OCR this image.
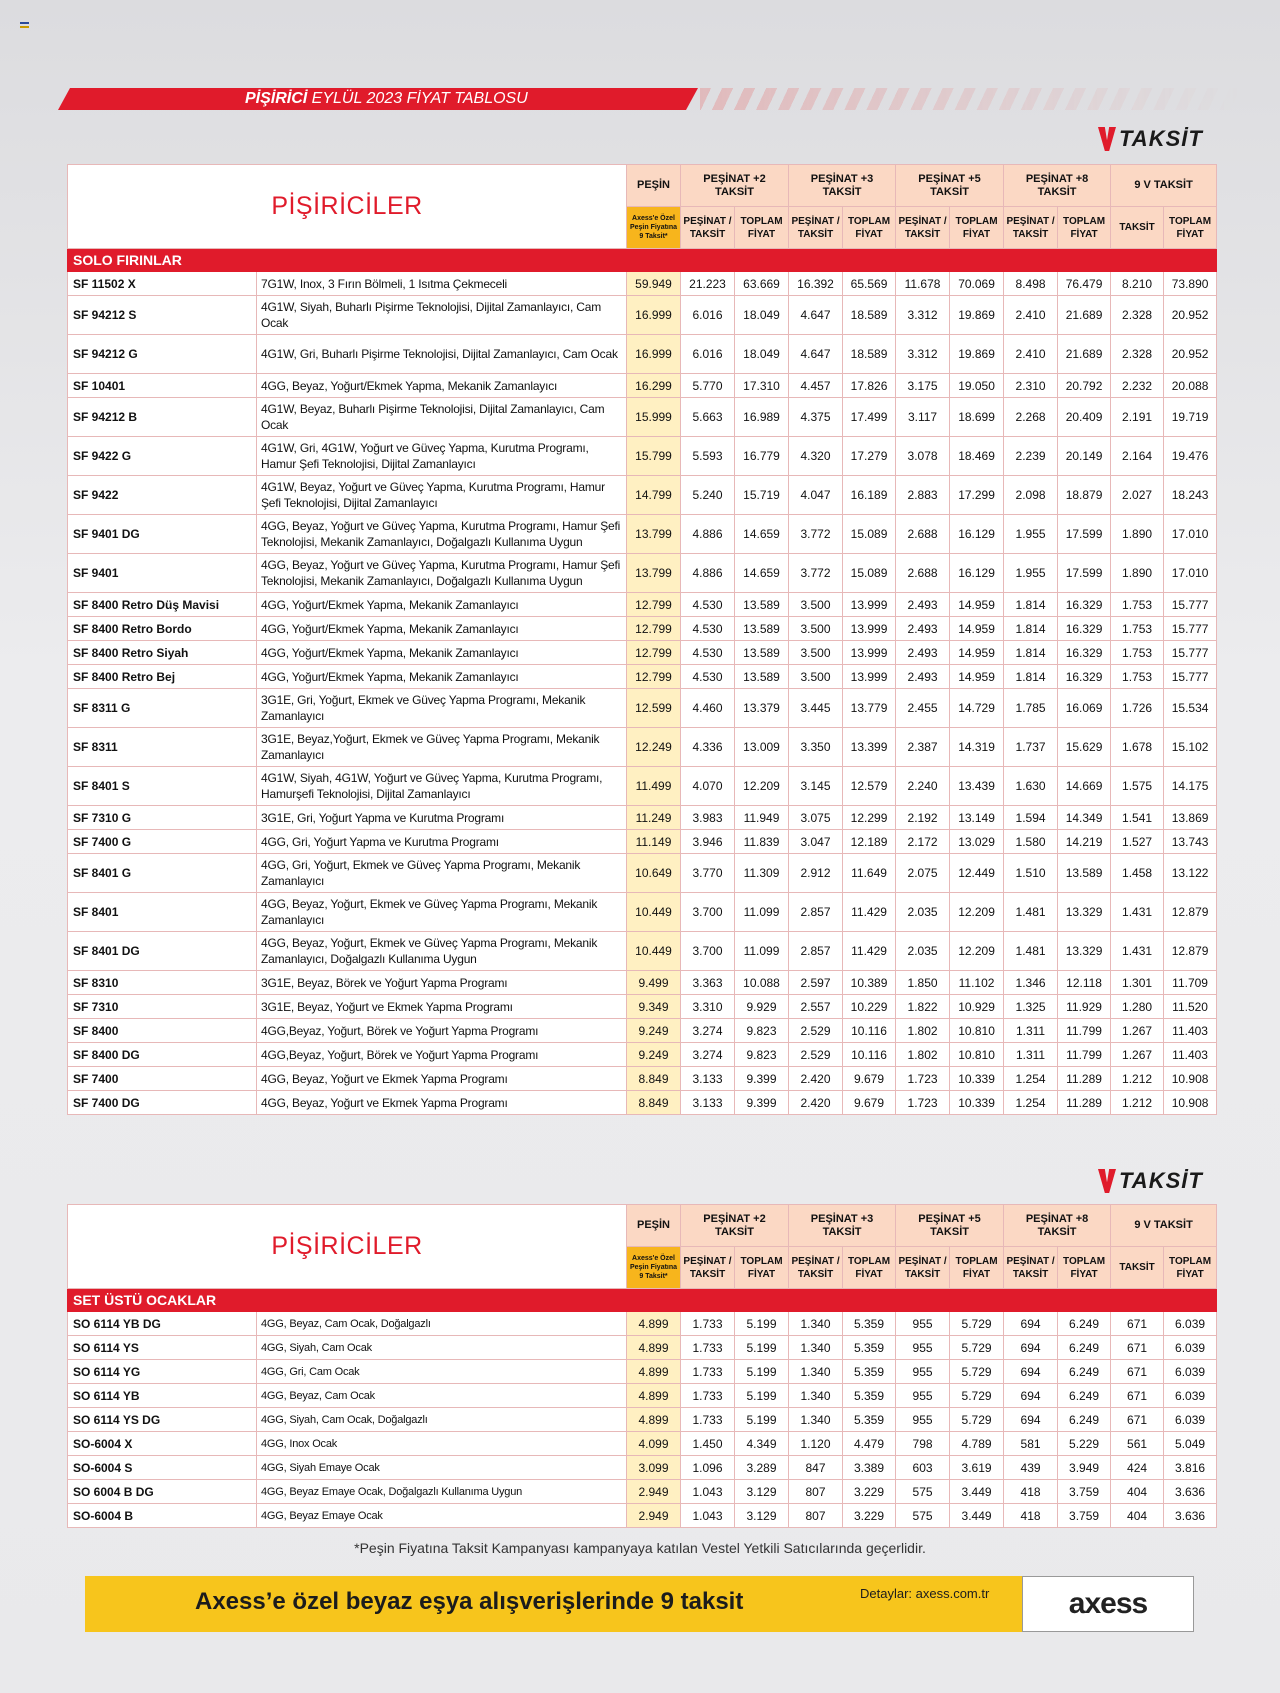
PİŞİRİCİ EYLÜL 2023 FİYAT TABLOSU
TAKSİT
PİŞİRİCİLER		PEŞİN	PEŞİNAT +2 TAKSİT		PEŞİNAT +3 TAKSİT		PEŞİNAT +5 TAKSİT		PEŞİNAT +8 TAKSİT		9 V TAKSİT	
		Axess'e Özel Peşin Fiyatına 9 Taksit*	PEŞİNAT / TAKSİT	TOPLAM FİYAT	PEŞİNAT / TAKSİT	TOPLAM FİYAT	PEŞİNAT / TAKSİT	TOPLAM FİYAT	PEŞİNAT / TAKSİT	TOPLAM FİYAT	TAKSİT	TOPLAM FİYAT
SOLO FIRINLAR												
SF 11502 X	7G1W, Inox, 3 Fırın Bölmeli, 1 Isıtma Çekmeceli	59.949	21.223	63.669	16.392	65.569	11.678	70.069	8.498	76.479	8.210	73.890
SF 94212 S	4G1W, Siyah, Buharlı Pişirme Teknolojisi, Dijital Zamanlayıcı, Cam Ocak	16.999	6.016	18.049	4.647	18.589	3.312	19.869	2.410	21.689	2.328	20.952
SF 94212 G	4G1W, Gri, Buharlı Pişirme Teknolojisi, Dijital Zamanlayıcı, Cam Ocak	16.999	6.016	18.049	4.647	18.589	3.312	19.869	2.410	21.689	2.328	20.952
SF 10401	4GG, Beyaz, Yoğurt/Ekmek Yapma, Mekanik Zamanlayıcı	16.299	5.770	17.310	4.457	17.826	3.175	19.050	2.310	20.792	2.232	20.088
SF 94212 B	4G1W, Beyaz, Buharlı Pişirme Teknolojisi, Dijital Zamanlayıcı, Cam Ocak	15.999	5.663	16.989	4.375	17.499	3.117	18.699	2.268	20.409	2.191	19.719
SF 9422 G	4G1W, Gri, 4G1W, Yoğurt ve Güveç Yapma, Kurutma Programı, Hamur Şefi Teknolojisi, Dijital Zamanlayıcı	15.799	5.593	16.779	4.320	17.279	3.078	18.469	2.239	20.149	2.164	19.476
SF 9422	4G1W, Beyaz, Yoğurt ve Güveç Yapma, Kurutma Programı, Hamur Şefi Teknolojisi, Dijital Zamanlayıcı	14.799	5.240	15.719	4.047	16.189	2.883	17.299	2.098	18.879	2.027	18.243
SF 9401 DG	4GG, Beyaz, Yoğurt ve Güveç Yapma, Kurutma Programı, Hamur Şefi Teknolojisi, Mekanik Zamanlayıcı, Doğalgazlı Kullanıma Uygun	13.799	4.886	14.659	3.772	15.089	2.688	16.129	1.955	17.599	1.890	17.010
SF 9401	4GG, Beyaz, Yoğurt ve Güveç Yapma, Kurutma Programı, Hamur Şefi Teknolojisi, Mekanik Zamanlayıcı, Doğalgazlı Kullanıma Uygun	13.799	4.886	14.659	3.772	15.089	2.688	16.129	1.955	17.599	1.890	17.010
SF 8400 Retro Düş Mavisi	4GG, Yoğurt/Ekmek Yapma, Mekanik Zamanlayıcı	12.799	4.530	13.589	3.500	13.999	2.493	14.959	1.814	16.329	1.753	15.777
SF 8400 Retro Bordo	4GG, Yoğurt/Ekmek Yapma, Mekanik Zamanlayıcı	12.799	4.530	13.589	3.500	13.999	2.493	14.959	1.814	16.329	1.753	15.777
SF 8400 Retro Siyah	4GG, Yoğurt/Ekmek Yapma, Mekanik Zamanlayıcı	12.799	4.530	13.589	3.500	13.999	2.493	14.959	1.814	16.329	1.753	15.777
SF 8400 Retro Bej	4GG, Yoğurt/Ekmek Yapma, Mekanik Zamanlayıcı	12.799	4.530	13.589	3.500	13.999	2.493	14.959	1.814	16.329	1.753	15.777
SF 8311 G	3G1E, Gri, Yoğurt, Ekmek ve Güveç Yapma Programı, Mekanik Zamanlayıcı	12.599	4.460	13.379	3.445	13.779	2.455	14.729	1.785	16.069	1.726	15.534
SF 8311	3G1E, Beyaz,Yoğurt, Ekmek ve Güveç Yapma Programı, Mekanik Zamanlayıcı	12.249	4.336	13.009	3.350	13.399	2.387	14.319	1.737	15.629	1.678	15.102
SF 8401 S	4G1W, Siyah, 4G1W, Yoğurt ve Güveç Yapma, Kurutma Programı, Hamurşefi Teknolojisi, Dijital Zamanlayıcı	11.499	4.070	12.209	3.145	12.579	2.240	13.439	1.630	14.669	1.575	14.175
SF 7310 G	3G1E, Gri, Yoğurt Yapma ve Kurutma Programı	11.249	3.983	11.949	3.075	12.299	2.192	13.149	1.594	14.349	1.541	13.869
SF 7400 G	4GG, Gri, Yoğurt Yapma ve Kurutma Programı	11.149	3.946	11.839	3.047	12.189	2.172	13.029	1.580	14.219	1.527	13.743
SF 8401 G	4GG, Gri, Yoğurt, Ekmek ve Güveç Yapma Programı, Mekanik Zamanlayıcı	10.649	3.770	11.309	2.912	11.649	2.075	12.449	1.510	13.589	1.458	13.122
SF 8401	4GG, Beyaz, Yoğurt, Ekmek ve Güveç Yapma Programı, Mekanik Zamanlayıcı	10.449	3.700	11.099	2.857	11.429	2.035	12.209	1.481	13.329	1.431	12.879
SF 8401 DG	4GG, Beyaz, Yoğurt, Ekmek ve Güveç Yapma Programı, Mekanik Zamanlayıcı, Doğalgazlı Kullanıma Uygun	10.449	3.700	11.099	2.857	11.429	2.035	12.209	1.481	13.329	1.431	12.879
SF 8310	3G1E, Beyaz, Börek ve Yoğurt Yapma Programı	9.499	3.363	10.088	2.597	10.389	1.850	11.102	1.346	12.118	1.301	11.709
SF 7310	3G1E, Beyaz, Yoğurt ve Ekmek Yapma Programı	9.349	3.310	9.929	2.557	10.229	1.822	10.929	1.325	11.929	1.280	11.520
SF 8400	4GG,Beyaz, Yoğurt, Börek ve Yoğurt Yapma Programı	9.249	3.274	9.823	2.529	10.116	1.802	10.810	1.311	11.799	1.267	11.403
SF 8400 DG	4GG,Beyaz, Yoğurt, Börek ve Yoğurt Yapma Programı	9.249	3.274	9.823	2.529	10.116	1.802	10.810	1.311	11.799	1.267	11.403
SF 7400	4GG, Beyaz, Yoğurt ve Ekmek Yapma Programı	8.849	3.133	9.399	2.420	9.679	1.723	10.339	1.254	11.289	1.212	10.908
SF 7400 DG	4GG, Beyaz, Yoğurt ve Ekmek Yapma Programı	8.849	3.133	9.399	2.420	9.679	1.723	10.339	1.254	11.289	1.212	10.908
TAKSİT
PİŞİRİCİLER		PEŞİN	PEŞİNAT +2 TAKSİT		PEŞİNAT +3 TAKSİT		PEŞİNAT +5 TAKSİT		PEŞİNAT +8 TAKSİT		9 V TAKSİT	
		Axess'e Özel Peşin Fiyatına 9 Taksit*	PEŞİNAT / TAKSİT	TOPLAM FİYAT	PEŞİNAT / TAKSİT	TOPLAM FİYAT	PEŞİNAT / TAKSİT	TOPLAM FİYAT	PEŞİNAT / TAKSİT	TOPLAM FİYAT	TAKSİT	TOPLAM FİYAT
SET ÜSTÜ OCAKLAR												
SO 6114 YB DG	4GG, Beyaz, Cam Ocak, Doğalgazlı	4.899	1.733	5.199	1.340	5.359	955	5.729	694	6.249	671	6.039
SO 6114 YS	4GG, Siyah, Cam Ocak	4.899	1.733	5.199	1.340	5.359	955	5.729	694	6.249	671	6.039
SO 6114 YG	4GG, Gri, Cam Ocak	4.899	1.733	5.199	1.340	5.359	955	5.729	694	6.249	671	6.039
SO 6114 YB	4GG, Beyaz, Cam Ocak	4.899	1.733	5.199	1.340	5.359	955	5.729	694	6.249	671	6.039
SO 6114 YS DG	4GG, Siyah, Cam Ocak, Doğalgazlı	4.899	1.733	5.199	1.340	5.359	955	5.729	694	6.249	671	6.039
SO-6004 X	4GG, Inox Ocak	4.099	1.450	4.349	1.120	4.479	798	4.789	581	5.229	561	5.049
SO-6004 S	4GG, Siyah Emaye Ocak	3.099	1.096	3.289	847	3.389	603	3.619	439	3.949	424	3.816
SO 6004 B DG	4GG, Beyaz Emaye Ocak, Doğalgazlı Kullanıma Uygun	2.949	1.043	3.129	807	3.229	575	3.449	418	3.759	404	3.636
SO-6004 B	4GG, Beyaz Emaye Ocak	2.949	1.043	3.129	807	3.229	575	3.449	418	3.759	404	3.636
*Peşin Fiyatına Taksit Kampanyası kampanyaya katılan Vestel Yetkili Satıcılarında geçerlidir.
Axess’e özel beyaz eşya alışverişlerinde 9 taksit	Detaylar: axess.com.tr	axess
